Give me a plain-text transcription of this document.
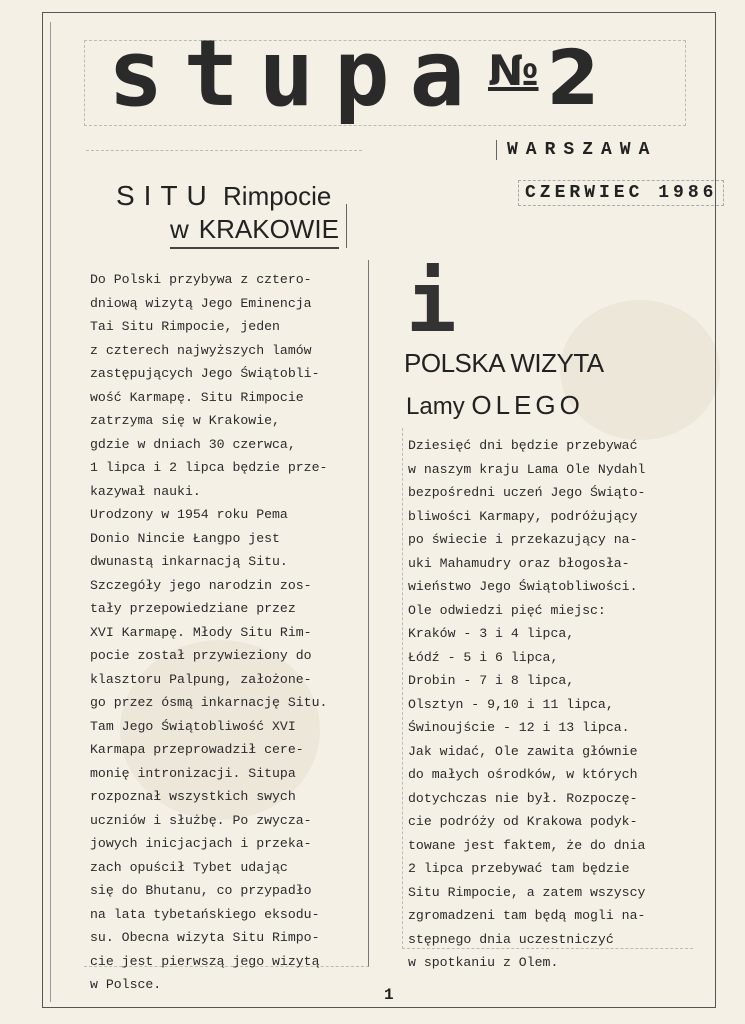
stupa № 2
WARSZAWA
CZERWIEC 1986
SITU Rimpocie
w KRAKOWIE
Do Polski przybywa z cztero-
dniową wizytą Jego Eminencja
Tai Situ Rimpocie, jeden
z czterech najwyższych lamów
zastępujących Jego Świątobli-
wość Karmapę. Situ Rimpocie
zatrzyma się w Krakowie,
gdzie w dniach 30 czerwca,
1 lipca i 2 lipca będzie prze-
kazywał nauki.
Urodzony w 1954 roku Pema
Donio Nincie Łangpo jest
dwunastą inkarnacją Situ.
Szczegóły jego narodzin zos-
tały przepowiedziane przez
XVI Karmapę. Młody Situ Rim-
pocie został przywieziony do
klasztoru Palpung, założone-
go przez ósmą inkarnację Situ.
Tam Jego Świątobliwość XVI
Karmapa przeprowadził cere-
monię intronizacji. Situpa
rozpoznał wszystkich swych
uczniów i służbę. Po zwycza-
jowych inicjacjach i przeka-
zach opuścił Tybet udając
się do Bhutanu, co przypadło
na lata tybetańskiego eksodu-
su. Obecna wizyta Situ Rimpo-
cie jest pierwszą jego wizytą
w Polsce.
i
POLSKA WIZYTA
Lamy OLEGO
Dziesięć dni będzie przebywać
w naszym kraju Lama Ole Nydahl
bezpośredni uczeń Jego Świąto-
bliwości Karmapy, podróżujący
po świecie i przekazujący na-
uki Mahamudry oraz błogosła-
wieństwo Jego Świątobliwości.
Ole odwiedzi pięć miejsc:
Kraków - 3 i 4 lipca,
Łódź - 5 i 6 lipca,
Drobin - 7 i 8 lipca,
Olsztyn - 9,10 i 11 lipca,
Świnoujście - 12 i 13 lipca.
Jak widać, Ole zawita głównie
do małych ośrodków, w których
dotychczas nie był. Rozpoczę-
cie podróży od Krakowa podyk-
towane jest faktem, że do dnia
2 lipca przebywać tam będzie
Situ Rimpocie, a zatem wszyscy
zgromadzeni tam będą mogli na-
stępnego dnia uczestniczyć
w spotkaniu z Olem.
1
